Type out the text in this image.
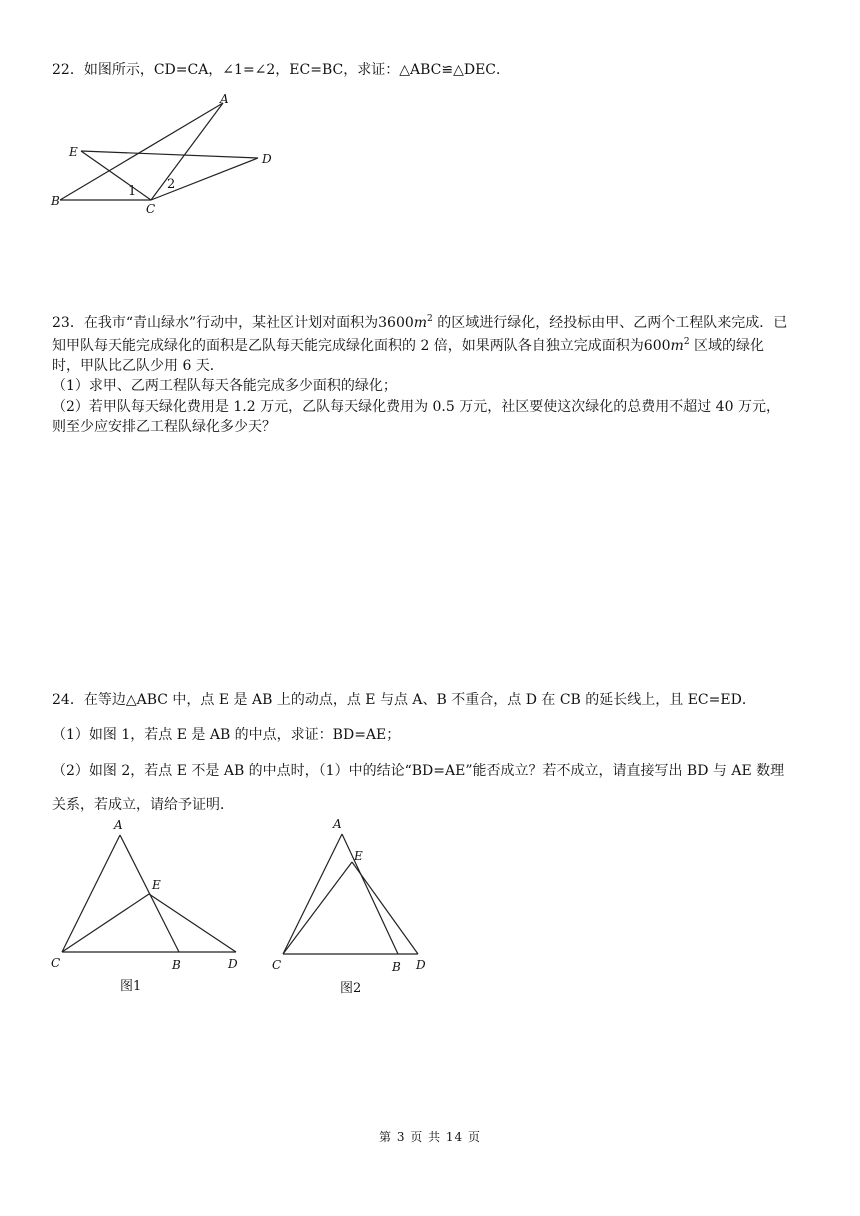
22．如图所示，CD=CA，∠1=∠2，EC=BC，求证：△ABC≌△DEC．
A
D
E
B
C
1 2
23．在我市“青山绿水”行动中，某社区计划对面积为$3600m^2$ 的区域进行绿化，经投标由甲、乙两个工程队来完成．已
知甲队每天能完成绿化的面积是乙队每天能完成绿化面积的 2 倍，如果两队各自独立完成面积为$600m^2$ 区域的绿化
时，甲队比乙队少用 6 天．
（1）求甲、乙两工程队每天各能完成多少面积的绿化；
（2）若甲队每天绿化费用是 1.2 万元，乙队每天绿化费用为 0.5 万元，社区要使这次绿化的总费用不超过 40 万元，
则至少应安排乙工程队绿化多少天？
24．在等边△ABC 中，点 E 是 AB 上的动点，点 E 与点 A、B 不重合，点 D 在 CB 的延长线上，且 EC=ED．
（1）如图 1，若点 E 是 AB 的中点，求证：BD=AE；
（2）如图 2，若点 E 不是 AB 的中点时，（1）中的结论“BD=AE”能否成立？若不成立，请直接写出 BD 与 AE 数理
关系，若成立，请给予证明．
A
E
C	B	D
图1
A
E
C	B D
图2
第 3 页 共 14 页
